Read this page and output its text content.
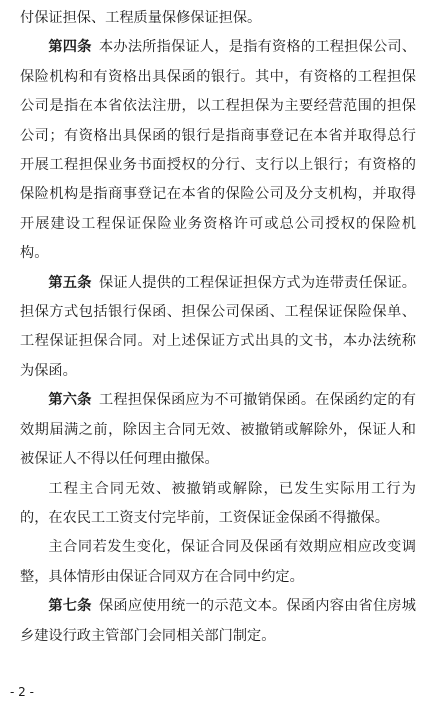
付保证担保、工程质量保修保证担保。

第四条  本办法所指保证人，是指有资格的工程担保公司、保险机构和有资格出具保函的银行。其中，有资格的工程担保公司是指在本省依法注册，以工程担保为主要经营范围的担保公司；有资格出具保函的银行是指商事登记在本省并取得总行开展工程担保业务书面授权的分行、支行以上银行；有资格的保险机构是指商事登记在本省的保险公司及分支机构，并取得开展建设工程保证保险业务资格许可或总公司授权的保险机构。

第五条  保证人提供的工程保证担保方式为连带责任保证。担保方式包括银行保函、担保公司保函、工程保证保险保单、工程保证担保合同。对上述保证方式出具的文书，本办法统称为保函。

第六条  工程担保保函应为不可撤销保函。在保函约定的有效期届满之前，除因主合同无效、被撤销或解除外，保证人和被保证人不得以任何理由撤保。

工程主合同无效、被撤销或解除，已发生实际用工行为的，在农民工工资支付完毕前，工资保证金保函不得撤保。

主合同若发生变化，保证合同及保函有效期应相应改变调整，具体情形由保证合同双方在合同中约定。

第七条  保函应使用统一的示范文本。保函内容由省住房城乡建设行政主管部门会同相关部门制定。

- 2 -
